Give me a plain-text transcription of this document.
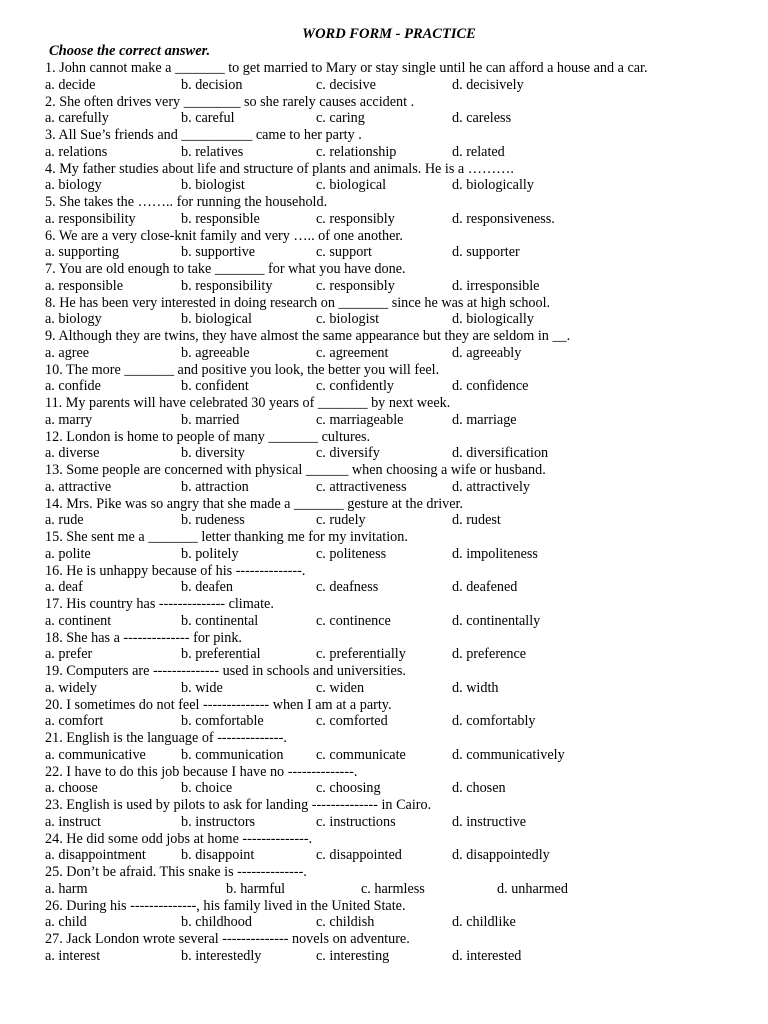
WORD FORM - PRACTICE
Choose the correct answer.
1. John cannot make a _______ to get married to Mary or stay single until he can afford a house and a car.
a. decide	b. decision	c. decisive	d. decisively
2. She often drives very ________ so she rarely causes accident .
a. carefully	b. careful	c. caring	d. careless
3. All Sue’s friends and __________ came to her party .
a. relations	b. relatives	c. relationship	d. related
4. My father studies about life and structure of plants and animals. He is a ……….
a. biology	b. biologist	c. biological	d. biologically
5. She takes the …….. for running the household.
a. responsibility	b. responsible	c. responsibly	d. responsiveness.
6. We are a very close-knit family and very ….. of one another.
a. supporting	b. supportive	c. support	d. supporter
7. You are old enough to take _______ for what you have done.
a. responsible	b. responsibility	c. responsibly	d. irresponsible
8. He has been very interested in doing research on _______ since he was at high school.
a. biology	b. biological	c. biologist	d. biologically
9. Although they are twins, they have almost the same appearance but they are seldom in __.
a. agree	b. agreeable	c. agreement	d. agreeably
10. The more _______ and positive you look, the better you will feel.
a. confide	b. confident	c. confidently	d. confidence
11. My parents will have celebrated 30 years of _______ by next week.
a. marry	b. married	c. marriageable	d. marriage
12. London is home to people of many _______ cultures.
a. diverse	b. diversity	c. diversify	d. diversification
13. Some people are concerned with physical ______ when choosing a wife or husband.
a. attractive	b. attraction	c. attractiveness	d. attractively
14. Mrs. Pike was so angry that she made a _______ gesture at the driver.
a. rude	b. rudeness	c. rudely	d. rudest
15. She sent me a _______ letter thanking me for my invitation.
a. polite	b. politely	c. politeness	d. impoliteness
16. He is unhappy because of his --------------.
a. deaf	b. deafen	c. deafness	d. deafened
17. His country has -------------- climate.
a. continent	b. continental	c. continence	d. continentally
18. She has a -------------- for pink.
a. prefer	b. preferential	c. preferentially	d. preference
19. Computers are -------------- used in schools and universities.
a. widely	b. wide	c. widen	d. width
20. I sometimes do not feel -------------- when I am at a party.
a. comfort	b. comfortable	c. comforted	d. comfortably
21. English is the language of --------------.
a. communicative b. communication c. communicate	d. communicatively
22. I have to do this job because I have no --------------.
a. choose	b. choice	c. choosing	d. chosen
23. English is used by pilots to ask for landing -------------- in Cairo.
a. instruct	b. instructors	c. instructions	d. instructive
24. He did some odd jobs at home --------------.
a. disappointment b. disappoint	c. disappointed	d. disappointedly
25. Don’t be afraid. This snake is --------------.
a. harm	b. harmful	c. harmless	d. unharmed
26. During his --------------, his family lived in the United State.
a. child	b. childhood	c. childish	d. childlike
27. Jack London wrote several -------------- novels on adventure.
a. interest	b. interestedly	c. interesting	d. interested
